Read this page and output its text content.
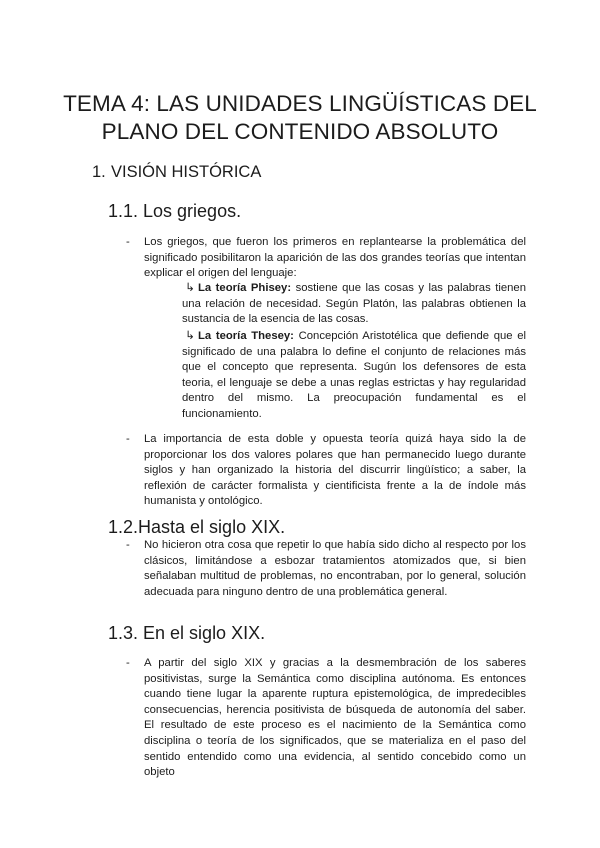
TEMA 4: LAS UNIDADES LINGÜÍSTICAS DEL PLANO DEL CONTENIDO ABSOLUTO
1. VISIÓN HISTÓRICA
1.1. Los griegos.
- Los griegos, que fueron los primeros en replantearse la problemática del significado posibilitaron la aparición de las dos grandes teorías que intentan explicar el origen del lenguaje:
↳ La teoría Phisey: sostiene que las cosas y las palabras tienen una relación de necesidad. Según Platón, las palabras obtienen la sustancia de la esencia de las cosas.
↳ La teoría Thesey: Concepción Aristotélica que defiende que el significado de una palabra lo define el conjunto de relaciones más que el concepto que representa. Sugún los defensores de esta teoria, el lenguaje se debe a unas reglas estrictas y hay regularidad dentro del mismo. La preocupación fundamental es el funcionamiento.
- La importancia de esta doble y opuesta teoría quizá haya sido la de proporcionar los dos valores polares que han permanecido luego durante siglos y han organizado la historia del discurrir lingüístico; a saber, la reflexión de carácter formalista y cientificista frente a la de índole más humanista y ontológico.
1.2.Hasta el siglo XIX.
- No hicieron otra cosa que repetir lo que había sido dicho al respecto por los clásicos, limitándose a esbozar tratamientos atomizados que, si bien señalaban multitud de problemas, no encontraban, por lo general, solución adecuada para ninguno dentro de una problemática general.
1.3. En el siglo XIX.
- A partir del siglo XIX y gracias a la desmembración de los saberes positivistas, surge la Semántica como disciplina autónoma. Es entonces cuando tiene lugar la aparente ruptura epistemológica, de impredecibles consecuencias, herencia positivista de búsqueda de autonomía del saber. El resultado de este proceso es el nacimiento de la Semántica como disciplina o teoría de los significados, que se materializa en el paso del sentido entendido como una evidencia, al sentido concebido como un objeto
